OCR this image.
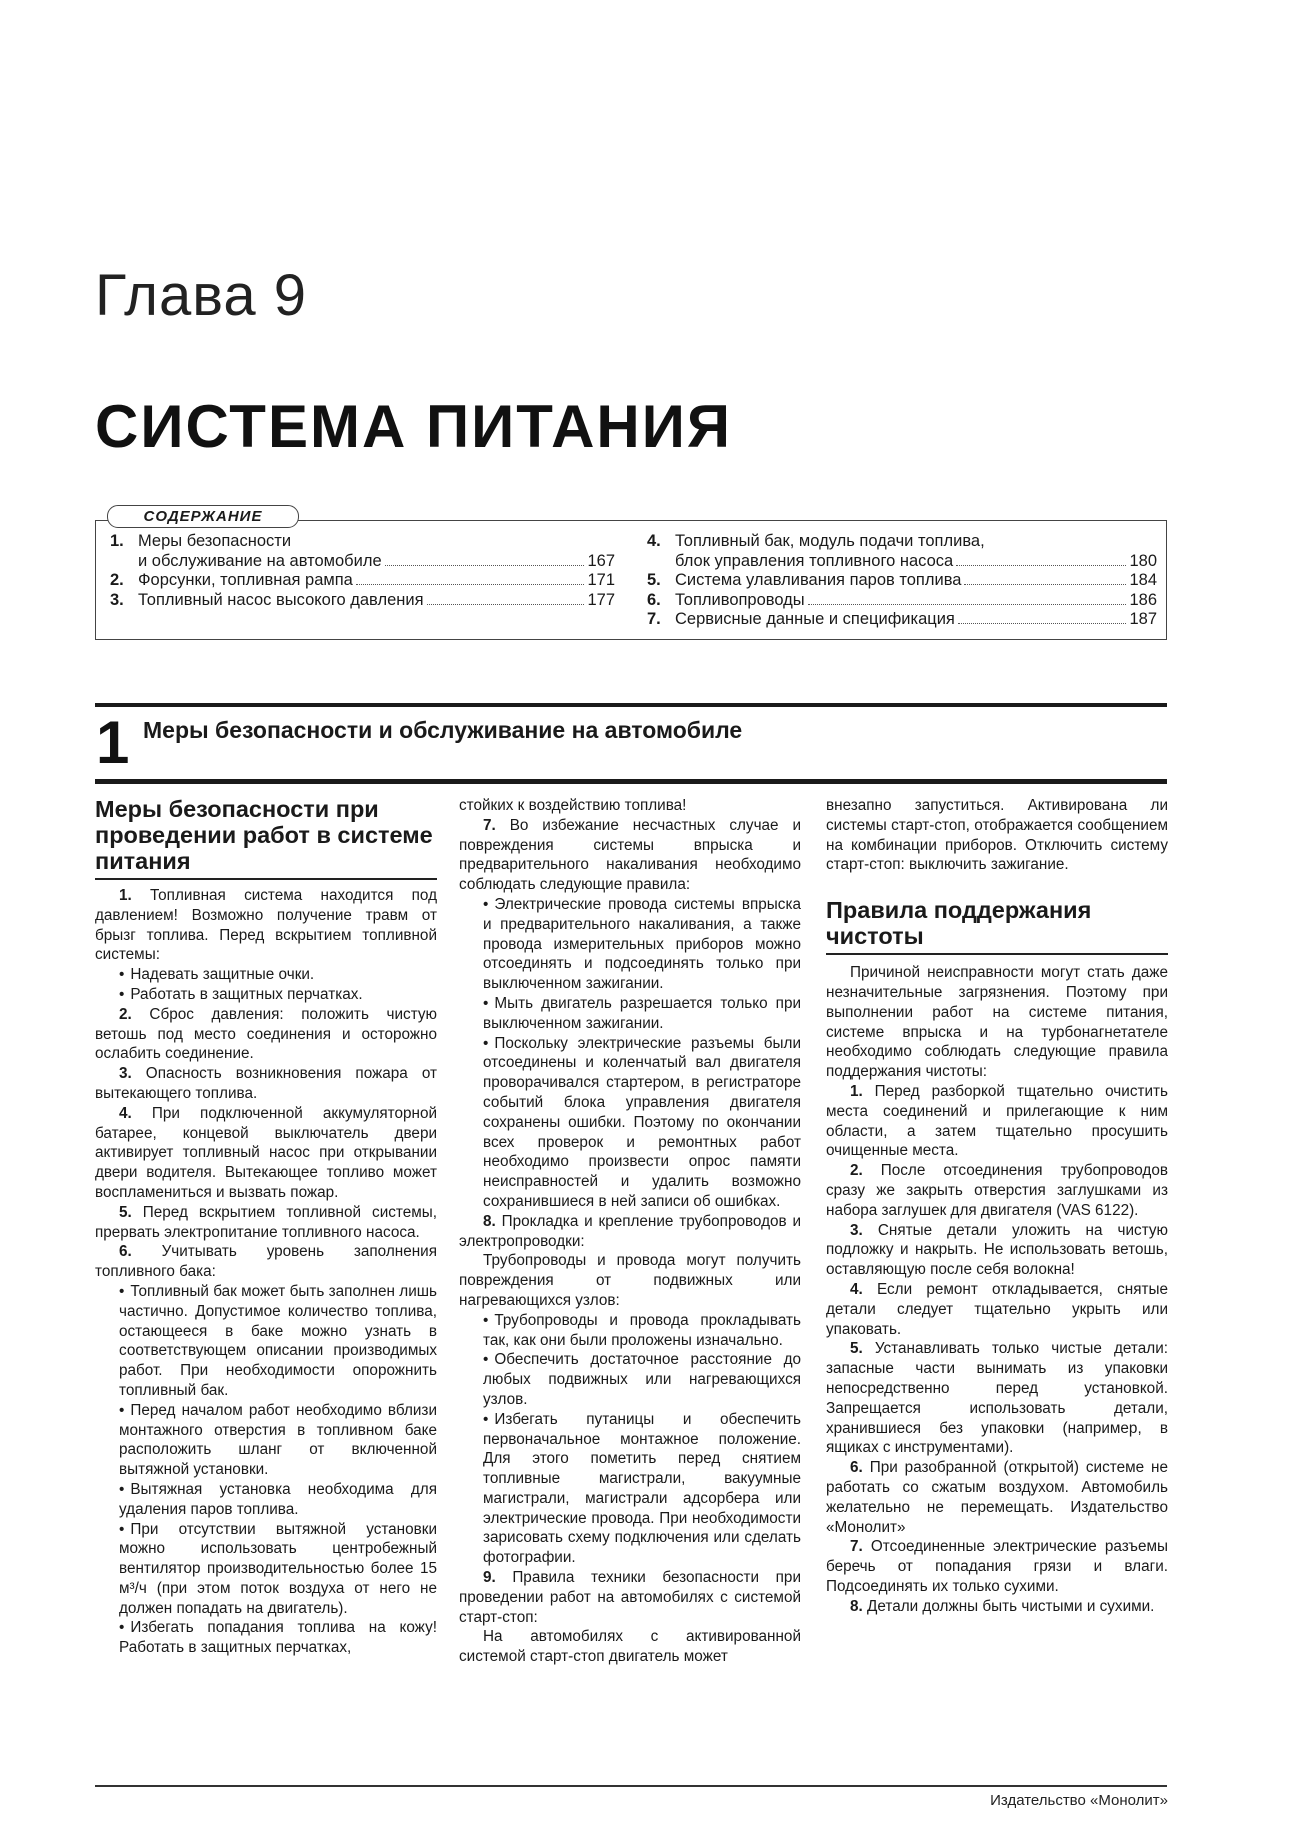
Глава 9
СИСТЕМА ПИТАНИЯ
СОДЕРЖАНИЕ
1. Меры безопасности
и обслуживание на автомобиле	167
2. Форсунки, топливная рампа	171
3. Топливный насос высокого давления	177
4. Топливный бак, модуль подачи топлива,
блок управления топливного насоса	180
5. Система улавливания паров топлива	184
6. Топливопроводы	186
7. Сервисные данные и спецификация	187
1 Меры безопасности и обслуживание на автомобиле
Меры безопасности при проведении работ в системе питания

1. Топливная система находится под давлением! Возможно получение травм от брызг топлива. Перед вскрытием топливной системы:

• Надевать защитные очки.

• Работать в защитных перчатках.

2. Сброс давления: положить чистую ветошь под место соединения и осторожно ослабить соединение.

3. Опасность возникновения пожара от вытекающего топлива.

4. При подключенной аккумуляторной батарее, концевой выключатель двери активирует топливный насос при открывании двери водителя. Вытекающее топливо может воспламениться и вызвать пожар.

5. Перед вскрытием топливной системы, прервать электропитание топливного насоса.

6. Учитывать уровень заполнения топливного бака:

• Топливный бак может быть заполнен лишь частично. Допустимое количество топлива, остающееся в баке можно узнать в соответствующем описании производимых работ. При необходимости опорожнить топливный бак.

• Перед началом работ необходимо вблизи монтажного отверстия в топливном баке расположить шланг от включенной вытяжной установки.

• Вытяжная установка необходима для удаления паров топлива.

• При отсутствии вытяжной установки можно использовать центробежный вентилятор производительностью более 15 м³/ч (при этом поток воздуха от него не должен попадать на двигатель).

• Избегать попадания топлива на кожу! Работать в защитных перчатках,

стойких к воздействию топлива!

7. Во избежание несчастных случае и повреждения системы впрыска и предварительного накаливания необходимо соблюдать следующие правила:

• Электрические провода системы впрыска и предварительного накаливания, а также провода измерительных приборов можно отсоединять и подсоединять только при выключенном зажигании.

• Мыть двигатель разрешается только при выключенном зажигании.

• Поскольку электрические разъемы были отсоединены и коленчатый вал двигателя проворачивался стартером, в регистраторе событий блока управления двигателя сохранены ошибки. Поэтому по окончании всех проверок и ремонтных работ необходимо произвести опрос памяти неисправностей и удалить возможно сохранившиеся в ней записи об ошибках.

8. Прокладка и крепление трубопроводов и электропроводки:

Трубопроводы и провода могут получить повреждения от подвижных или нагревающихся узлов:

• Трубопроводы и провода прокладывать так, как они были проложены изначально.

• Обеспечить достаточное расстояние до любых подвижных или нагревающихся узлов.

• Избегать путаницы и обеспечить первоначальное монтажное положение. Для этого пометить перед снятием топливные магистрали, вакуумные магистрали, магистрали адсорбера или электрические провода. При необходимости зарисовать схему подключения или сделать фотографии.

9. Правила техники безопасности при проведении работ на автомобилях с системой старт-стоп:

На автомобилях с активированной системой старт-стоп двигатель может

внезапно запуститься. Активирована ли системы старт-стоп, отображается сообщением на комбинации приборов. Отключить систему старт-стоп: выключить зажигание.

Правила поддержания чистоты

Причиной неисправности могут стать даже незначительные загрязнения. Поэтому при выполнении работ на системе питания, системе впрыска и на турбонагнетателе необходимо соблюдать следующие правила поддержания чистоты:

1. Перед разборкой тщательно очистить места соединений и прилегающие к ним области, а затем тщательно просушить очищенные места.

2. После отсоединения трубопроводов сразу же закрыть отверстия заглушками из набора заглушек для двигателя (VAS 6122).

3. Снятые детали уложить на чистую подложку и накрыть. Не использовать ветошь, оставляющую после себя волокна!

4. Если ремонт откладывается, снятые детали следует тщательно укрыть или упаковать.

5. Устанавливать только чистые детали: запасные части вынимать из упаковки непосредственно перед установкой. Запрещается использовать детали, хранившиеся без упаковки (например, в ящиках с инструментами).

6. При разобранной (открытой) системе не работать со сжатым воздухом. Автомобиль желательно не перемещать. Издательство «Монолит»

7. Отсоединенные электрические разъемы беречь от попадания грязи и влаги. Подсоединять их только сухими.

8. Детали должны быть чистыми и сухими.

Издательство «Монолит»
